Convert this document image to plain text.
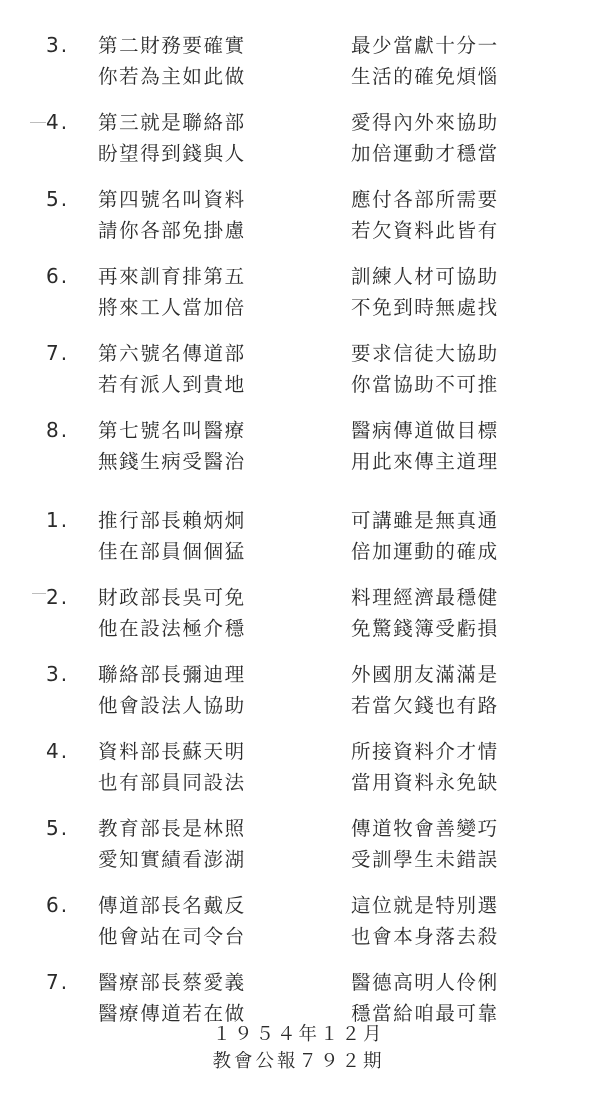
3. 第二財務要確實
你若為主如此做
最少當獻十分一
生活的確免煩惱
4. 第三就是聯絡部
盼望得到錢與人
愛得內外來協助
加倍運動才穩當
5. 第四號名叫資料
請你各部免掛慮
應付各部所需要
若欠資料此皆有
6. 再來訓育排第五
將來工人當加倍
訓練人材可協助
不免到時無處找
7. 第六號名傳道部
若有派人到貴地
要求信徒大協助
你當協助不可推
8. 第七號名叫醫療
無錢生病受醫治
醫病傳道做目標
用此來傳主道理
1. 推行部長賴炳炯
佳在部員個個猛
可講雖是無真通
倍加運動的確成
2. 財政部長吳可免
他在設法極介穩
料理經濟最穩健
免驚錢簿受虧損
3. 聯絡部長彌迪理
他會設法人協助
外國朋友滿滿是
若當欠錢也有路
4. 資料部長蘇天明
也有部員同設法
所接資料介才情
當用資料永免缺
5. 教育部長是林照
愛知實績看澎湖
傳道牧會善變巧
受訓學生未錯誤
6. 傳道部長名戴反
他會站在司令台
這位就是特別選
也會本身落去殺
7. 醫療部長蔡愛義
醫療傳道若在做
醫德高明人伶俐
穩當給咱最可靠
１９５４年１２月
教會公報７９２期
